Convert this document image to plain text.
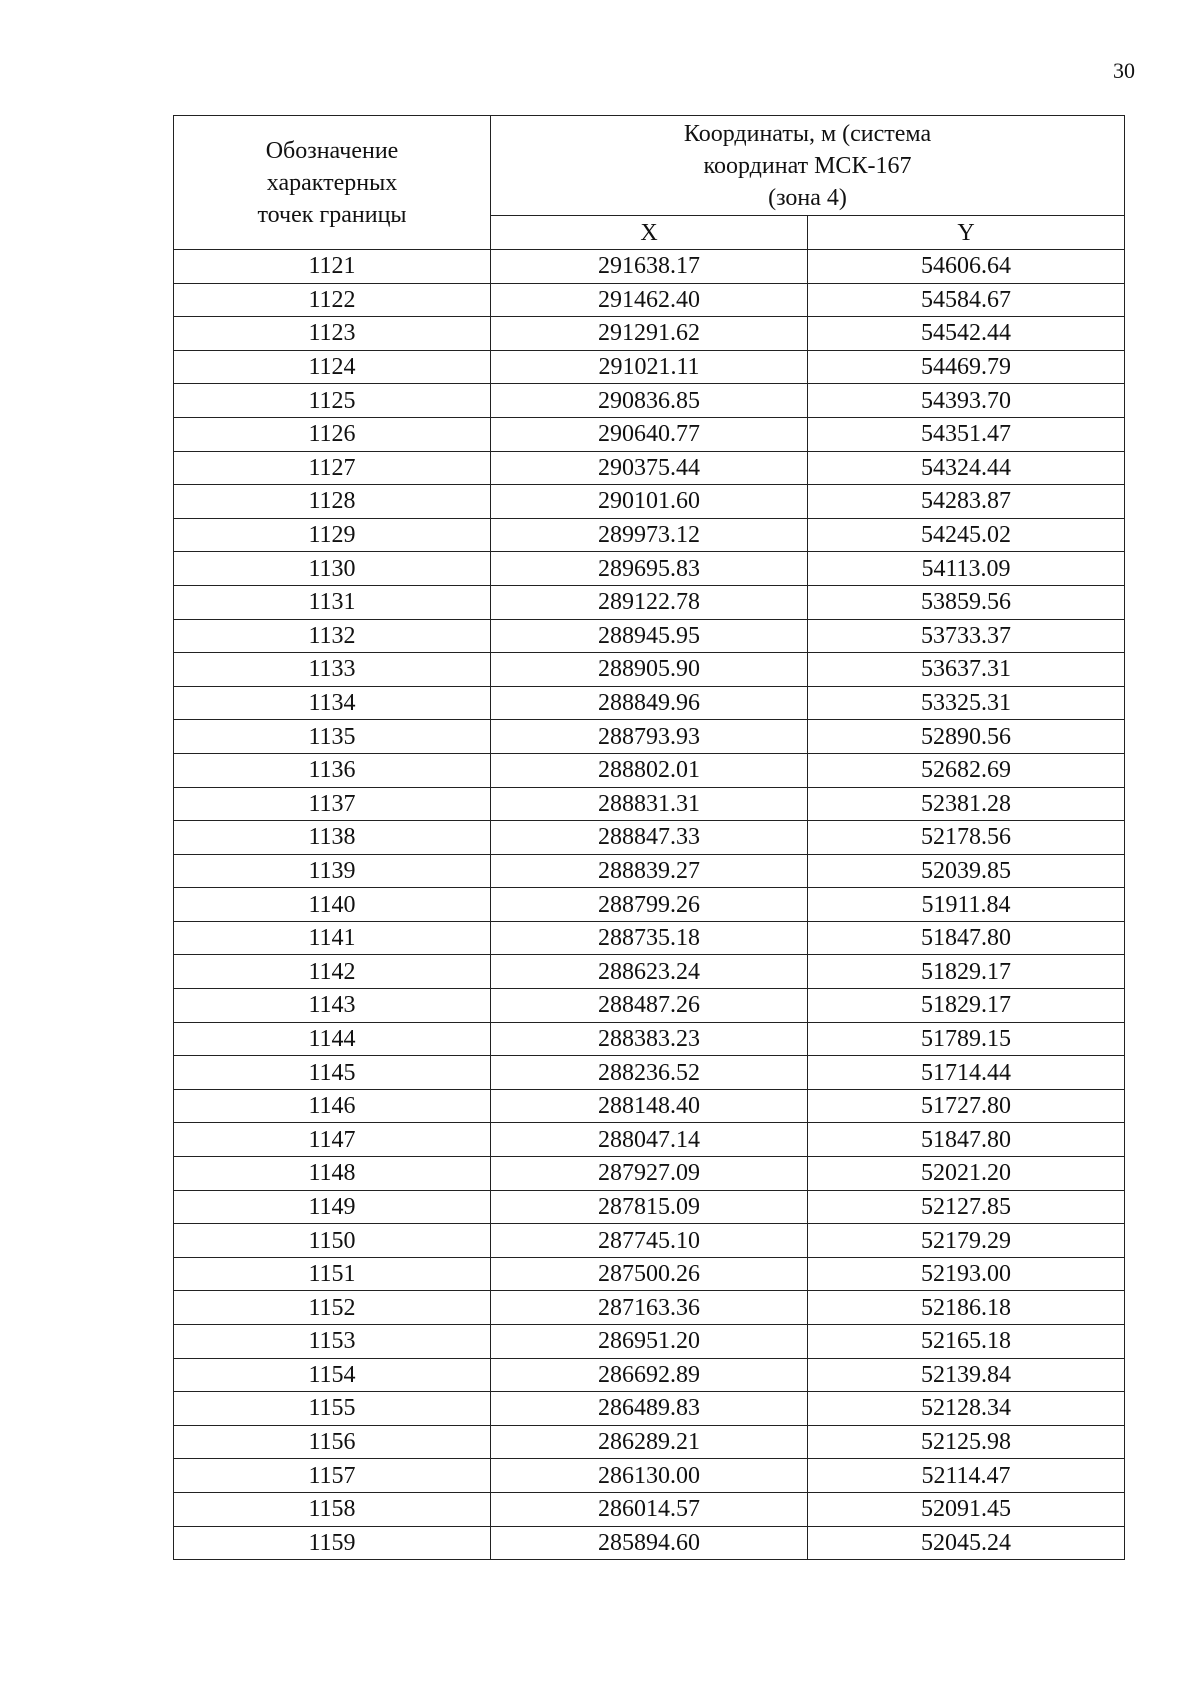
30
Обозначение характерных точек границы	Координаты, м (система координат МСК-167 (зона 4)	
	X	Y
1121	291638.17	54606.64
1122	291462.40	54584.67
1123	291291.62	54542.44
1124	291021.11	54469.79
1125	290836.85	54393.70
1126	290640.77	54351.47
1127	290375.44	54324.44
1128	290101.60	54283.87
1129	289973.12	54245.02
1130	289695.83	54113.09
1131	289122.78	53859.56
1132	288945.95	53733.37
1133	288905.90	53637.31
1134	288849.96	53325.31
1135	288793.93	52890.56
1136	288802.01	52682.69
1137	288831.31	52381.28
1138	288847.33	52178.56
1139	288839.27	52039.85
1140	288799.26	51911.84
1141	288735.18	51847.80
1142	288623.24	51829.17
1143	288487.26	51829.17
1144	288383.23	51789.15
1145	288236.52	51714.44
1146	288148.40	51727.80
1147	288047.14	51847.80
1148	287927.09	52021.20
1149	287815.09	52127.85
1150	287745.10	52179.29
1151	287500.26	52193.00
1152	287163.36	52186.18
1153	286951.20	52165.18
1154	286692.89	52139.84
1155	286489.83	52128.34
1156	286289.21	52125.98
1157	286130.00	52114.47
1158	286014.57	52091.45
1159	285894.60	52045.24
